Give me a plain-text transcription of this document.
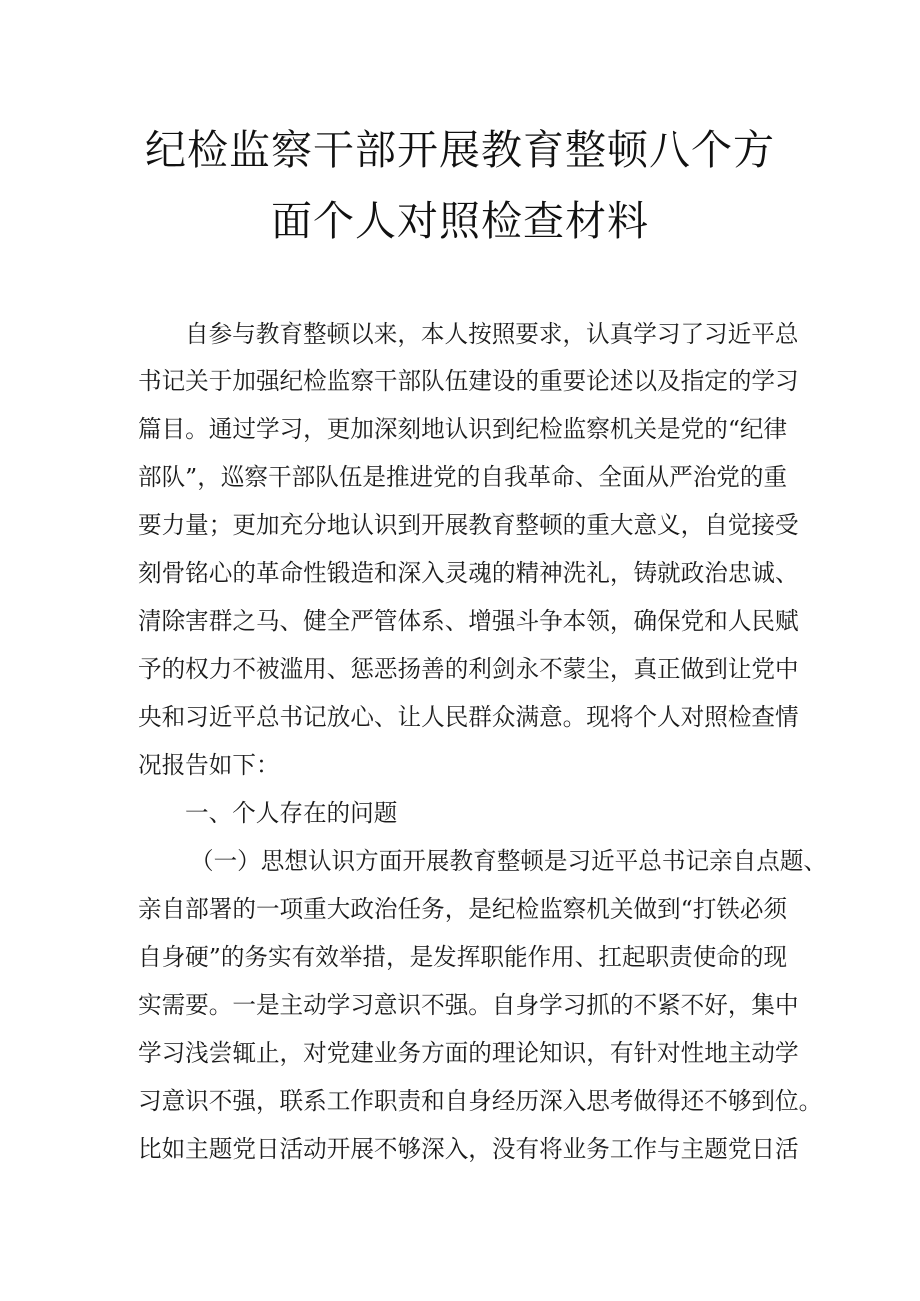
纪检监察干部开展教育整顿八个方
面个人对照检查材料
自参与教育整顿以来，本人按照要求，认真学习了习近平总
书记关于加强纪检监察干部队伍建设的重要论述以及指定的学习
篇目。通过学习，更加深刻地认识到纪检监察机关是党的“纪律
部队”，巡察干部队伍是推进党的自我革命、全面从严治党的重
要力量；更加充分地认识到开展教育整顿的重大意义，自觉接受
刻骨铭心的革命性锻造和深入灵魂的精神洗礼，铸就政治忠诚、
清除害群之马、健全严管体系、增强斗争本领，确保党和人民赋
予的权力不被滥用、惩恶扬善的利剑永不蒙尘，真正做到让党中
央和习近平总书记放心、让人民群众满意。现将个人对照检查情
况报告如下：
一、个人存在的问题
（一）思想认识方面开展教育整顿是习近平总书记亲自点题、
亲自部署的一项重大政治任务，是纪检监察机关做到“打铁必须
自身硬”的务实有效举措，是发挥职能作用、扛起职责使命的现
实需要。一是主动学习意识不强。自身学习抓的不紧不好，集中
学习浅尝辄止，对党建业务方面的理论知识，有针对性地主动学
习意识不强，联系工作职责和自身经历深入思考做得还不够到位。
比如主题党日活动开展不够深入，没有将业务工作与主题党日活
